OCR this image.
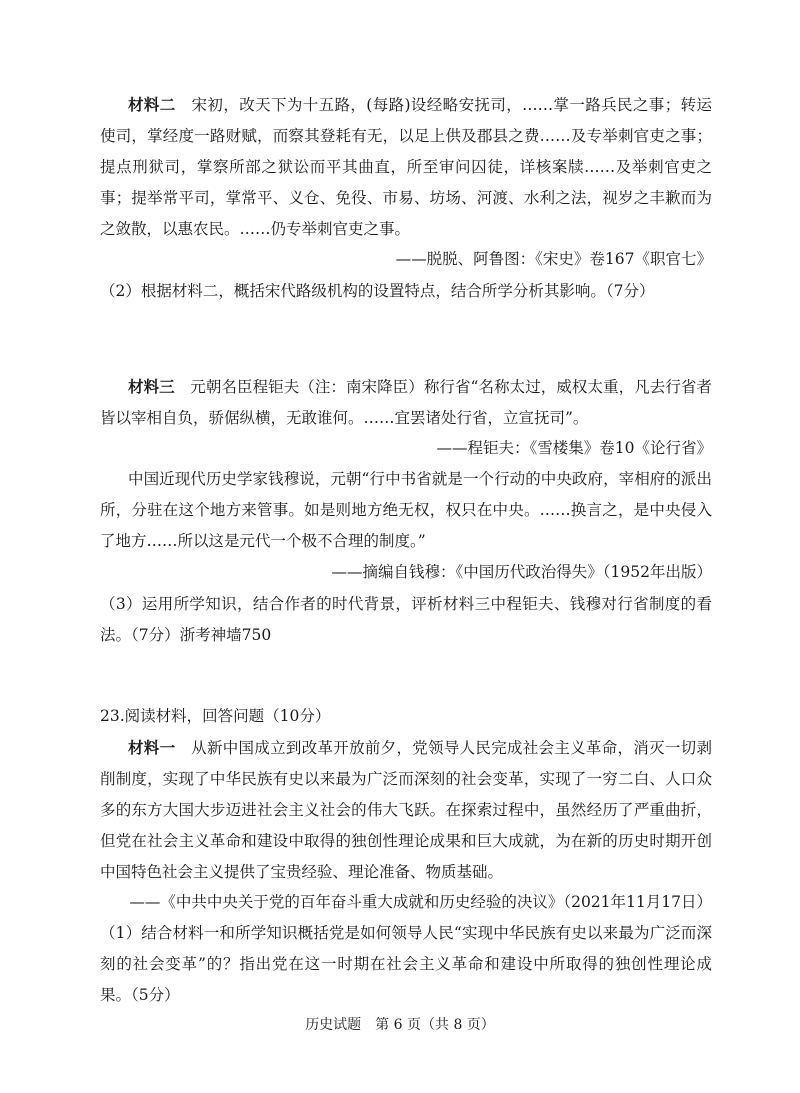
材料二　 宋初，改天下为十五路，(每路)设经略安抚司，……掌一路兵民之事；转运使司，掌经度一路财赋，而察其登耗有无，以足上供及郡县之费……及专举刺官吏之事；提点刑狱司，掌察所部之狱讼而平其曲直，所至审问囚徒，详核案牍……及举刺官吏之事；提举常平司，掌常平、义仓、免役、市易、坊场、河渡、水利之法，视岁之丰歉而为之敛散，以惠农民。……仍专举刺官吏之事。

——脱脱、阿鲁图：《宋史》卷167《职官七》

（2）根据材料二，概括宋代路级机构的设置特点，结合所学分析其影响。（7分）

材料三　 元朝名臣程钜夫（注：南宋降臣）称行省“名称太过，威权太重，凡去行省者皆以宰相自负，骄倨纵横，无敢谁何。……宜罢诸处行省，立宣抚司”。

——程钜夫：《雪楼集》卷10《论行省》

中国近现代历史学家钱穆说，元朝“行中书省就是一个行动的中央政府，宰相府的派出所，分驻在这个地方来管事。如是则地方绝无权，权只在中央。……换言之，是中央侵入了地方……所以这是元代一个极不合理的制度。”

——摘编自钱穆：《中国历代政治得失》（1952年出版）

（3）运用所学知识，结合作者的时代背景，评析材料三中程钜夫、钱穆对行省制度的看法。（7分）浙考神墙750

23.阅读材料，回答问题（10分）

材料一　 从新中国成立到改革开放前夕，党领导人民完成社会主义革命，消灭一切剥削制度，实现了中华民族有史以来最为广泛而深刻的社会变革，实现了一穷二白、人口众多的东方大国大步迈进社会主义社会的伟大飞跃。在探索过程中，虽然经历了严重曲折，但党在社会主义革命和建设中取得的独创性理论成果和巨大成就，为在新的历史时期开创中国特色社会主义提供了宝贵经验、理论准备、物质基础。

——《中共中央关于党的百年奋斗重大成就和历史经验的决议》（2021年11月17日）

（1）结合材料一和所学知识概括党是如何领导人民“实现中华民族有史以来最为广泛而深刻的社会变革”的？指出党在这一时期在社会主义革命和建设中所取得的独创性理论成果。（5分）

历史试题　第 6 页（共 8 页）
